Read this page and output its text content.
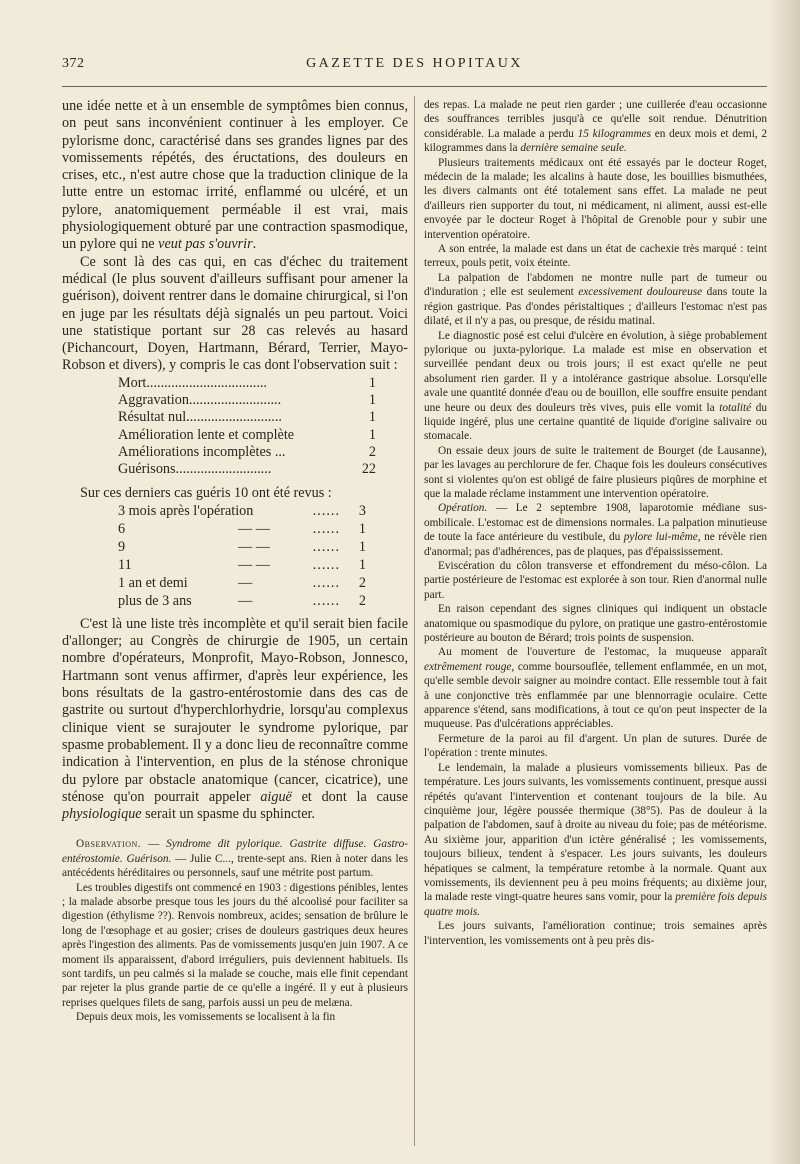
372	GAZETTE DES HOPITAUX

une idée nette et à un ensemble de symptômes bien connus, on peut sans inconvénient continuer à les employer. Ce pylorisme donc, caractérisé dans ses grandes lignes par des vomissements répétés, des éructations, des douleurs en crises, etc., n'est autre chose que la traduction clinique de la lutte entre un estomac irrité, enflammé ou ulcéré, et un pylore, anatomiquement perméable il est vrai, mais physiologiquement obturé par une contraction spasmodique, un pylore qui ne veut pas s'ouvrir.

Ce sont là des cas qui, en cas d'échec du traitement médical (le plus souvent d'ailleurs suffisant pour amener la guérison), doivent rentrer dans le domaine chirurgical, si l'on en juge par les résultats déjà signalés un peu partout. Voici une statistique portant sur 28 cas relevés au hasard (Pichancourt, Doyen, Hartmann, Bérard, Terrier, Mayo-Robson et divers), y compris le cas dont l'observation suit :

Mort..................................	1
Aggravation..........................	1
Résultat nul...........................	1
Amélioration lente et complète	1
Améliorations incomplètes ...	2
Guérisons...........................	22

Sur ces derniers cas guéris 10 ont été revus :

3 mois après l'opération	......	3
6	— —	......	1
9	— —	......	1
11	— —	......	1
1 an et demi	—	......	2
plus de 3 ans	—	......	2

C'est là une liste très incomplète et qu'il serait bien facile d'allonger; au Congrès de chirurgie de 1905, un certain nombre d'opérateurs, Monprofit, Mayo-Robson, Jonnesco, Hartmann sont venus affirmer, d'après leur expérience, les bons résultats de la gastro-entérostomie dans des cas de gastrite ou surtout d'hyperchlorhydrie, lorsqu'au complexus clinique vient se surajouter le syndrome pylorique, par spasme probablement. Il y a donc lieu de reconnaître comme indication à l'intervention, en plus de la sténose chronique du pylore par obstacle anatomique (cancer, cicatrice), une sténose qu'on pourrait appeler aiguë et dont la cause physiologique serait un spasme du sphincter.

Observation. — Syndrome dit pylorique. Gastrite diffuse. Gastro-entérostomie. Guérison. — Julie C..., trente-sept ans. Rien à noter dans les antécédents héréditaires ou personnels, sauf une métrite post partum.

Les troubles digestifs ont commencé en 1903 : digestions pénibles, lentes ; la malade absorbe presque tous les jours du thé alcoolisé pour faciliter sa digestion (éthylisme ??). Renvois nombreux, acides; sensation de brûlure le long de l'œsophage et au gosier; crises de douleurs gastriques deux heures après l'ingestion des aliments. Pas de vomissements jusqu'en juin 1907. A ce moment ils apparaissent, d'abord irréguliers, puis deviennent habituels. Ils sont tardifs, un peu calmés si la malade se couche, mais elle finit cependant par rejeter la plus grande partie de ce qu'elle a ingéré. Il y eut à plusieurs reprises quelques filets de sang, parfois aussi un peu de melæna.

Depuis deux mois, les vomissements se localisent à la fin

des repas. La malade ne peut rien garder ; une cuillerée d'eau occasionne des souffrances terribles jusqu'à ce qu'elle soit rendue. Dénutrition considérable. La malade a perdu 15 kilogrammes en deux mois et demi, 2 kilogrammes dans la dernière semaine seule.

Plusieurs traitements médicaux ont été essayés par le docteur Roget, médecin de la malade; les alcalins à haute dose, les bouillies bismuthées, les divers calmants ont été totalement sans effet. La malade ne peut d'ailleurs rien supporter du tout, ni médicament, ni aliment, aussi est-elle envoyée par le docteur Roget à l'hôpital de Grenoble pour y subir une intervention opératoire.

A son entrée, la malade est dans un état de cachexie très marqué : teint terreux, pouls petit, voix éteinte.

La palpation de l'abdomen ne montre nulle part de tumeur ou d'induration ; elle est seulement excessivement douloureuse dans toute la région gastrique. Pas d'ondes péristaltiques ; d'ailleurs l'estomac n'est pas dilaté, et il n'y a pas, ou presque, de résidu matinal.

Le diagnostic posé est celui d'ulcère en évolution, à siège probablement pylorique ou juxta-pylorique. La malade est mise en observation et surveillée pendant deux ou trois jours; il est exact qu'elle ne peut absolument rien garder. Il y a intolérance gastrique absolue. Lorsqu'elle avale une quantité donnée d'eau ou de bouillon, elle souffre ensuite pendant une heure ou deux des douleurs très vives, puis elle vomit la totalité du liquide ingéré, plus une certaine quantité de liquide d'origine salivaire ou stomacale.

On essaie deux jours de suite le traitement de Bourget (de Lausanne), par les lavages au perchlorure de fer. Chaque fois les douleurs consécutives sont si violentes qu'on est obligé de faire plusieurs piqûres de morphine et que la malade réclame instamment une intervention opératoire.

Opération. — Le 2 septembre 1908, laparotomie médiane sus-ombilicale. L'estomac est de dimensions normales. La palpation minutieuse de toute la face antérieure du vestibule, du pylore lui-même, ne révèle rien d'anormal; pas d'adhérences, pas de plaques, pas d'épaississement.

Eviscération du côlon transverse et effondrement du méso-côlon. La partie postérieure de l'estomac est explorée à son tour. Rien d'anormal nulle part.

En raison cependant des signes cliniques qui indiquent un obstacle anatomique ou spasmodique du pylore, on pratique une gastro-entérostomie postérieure au bouton de Bérard; trois points de suspension.

Au moment de l'ouverture de l'estomac, la muqueuse apparaît extrêmement rouge, comme boursouflée, tellement enflammée, en un mot, qu'elle semble devoir saigner au moindre contact. Elle ressemble tout à fait à une conjonctive très enflammée par une blennorragie oculaire. Cette apparence s'étend, sans modifications, à tout ce qu'on peut inspecter de la muqueuse. Pas d'ulcérations appréciables.

Fermeture de la paroi au fil d'argent. Un plan de sutures. Durée de l'opération : trente minutes.

Le lendemain, la malade a plusieurs vomissements bilieux. Pas de température. Les jours suivants, les vomissements continuent, presque aussi répétés qu'avant l'intervention et contenant toujours de la bile. Au cinquième jour, légère poussée thermique (38°5). Pas de douleur à la palpation de l'abdomen, sauf à droite au niveau du foie; pas de météorisme. Au sixième jour, apparition d'un ictère généralisé ; les vomissements, toujours bilieux, tendent à s'espacer. Les jours suivants, les douleurs hépatiques se calment, la température retombe à la normale. Quant aux vomissements, ils deviennent peu à peu moins fréquents; au dixième jour, la malade reste vingt-quatre heures sans vomir, pour la première fois depuis quatre mois.

Les jours suivants, l'amélioration continue; trois semaines après l'intervention, les vomissements ont à peu près dis-
